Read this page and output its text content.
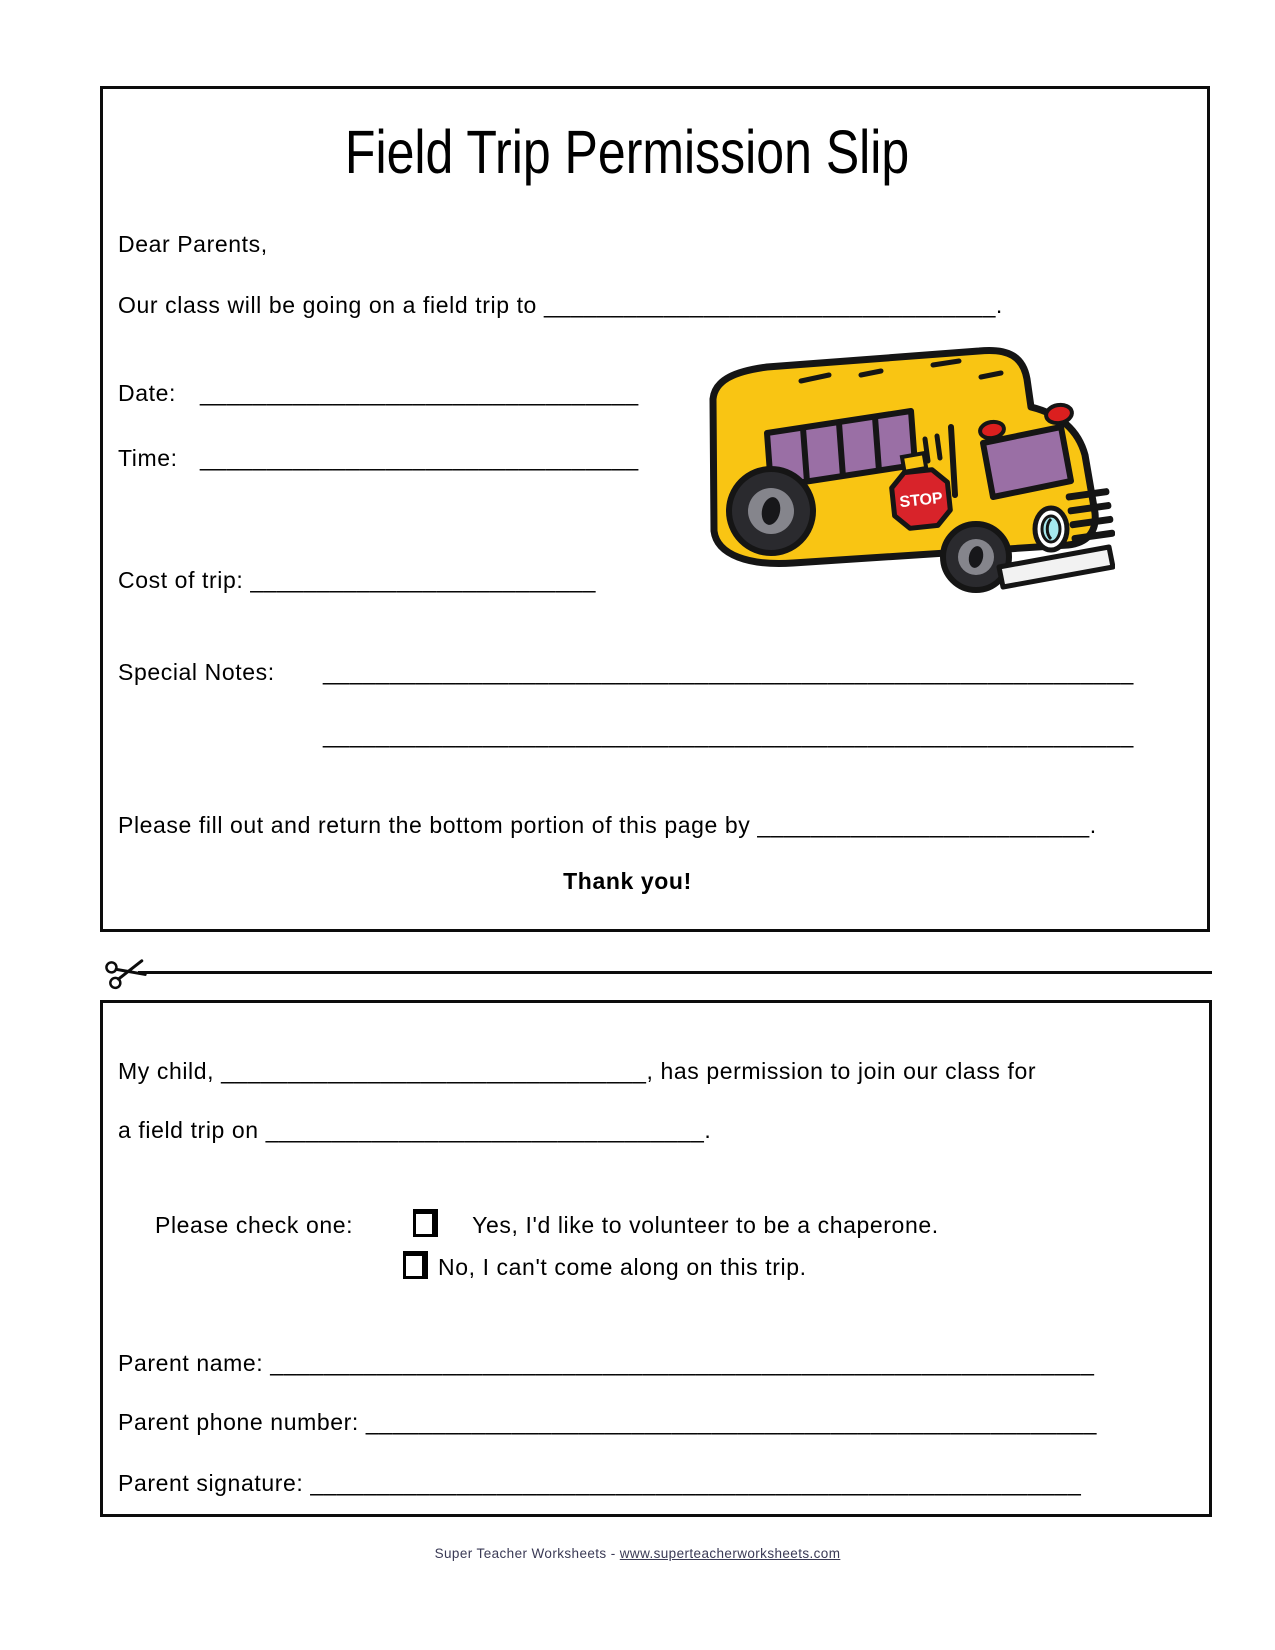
Field Trip Permission Slip
Dear Parents,
Our class will be going on a field trip to __________________________________.
Date: _________________________________
Time: _________________________________
Cost of trip: __________________________
Special Notes: _____________________________________________________________
_____________________________________________________________
Please fill out and return the bottom portion of this page by _________________________.
Thank you!
STOP
My child, ________________________________, has permission to join our class for
a field trip on _________________________________.
Please check one:	Yes, I'd like to volunteer to be a chaperone.
No, I can't come along on this trip.
Parent name: ______________________________________________________________
Parent phone number: _______________________________________________________
Parent signature: __________________________________________________________
Super Teacher Worksheets - www.superteacherworksheets.com
